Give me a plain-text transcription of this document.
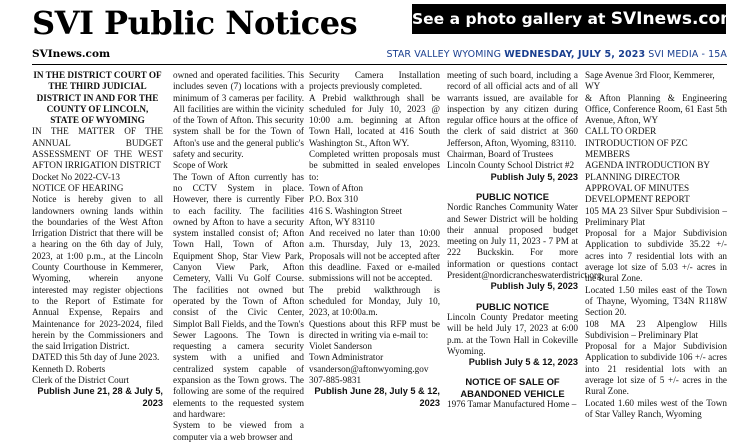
SVI Public Notices	See a photo gallery at SVInews.com
SVInews.com	STAR VALLEY WYOMING WEDNESDAY, JULY 5, 2023 SVI MEDIA - 15A

IN THE DISTRICT COURT OF THE THIRD JUDICIAL DISTRICT IN AND FOR THE COUNTY OF LINCOLN, STATE OF WYOMING

IN THE MATTER OF THE ANNUAL BUDGET ASSESSMENT OF THE WEST AFTON IRRIGATION DISTRICT

Docket No 2022-CV-13

NOTICE OF HEARING

Notice is hereby given to all landowners owning lands within the boundaries of the West Afton Irrigation District that there will be a hearing on the 6th day of July, 2023, at 1:00 p.m., at the Lincoln County Courthouse in Kemmerer, Wyoming, wherein anyone interested may register objections to the Report of Estimate for Annual Expense, Repairs and Maintenance for 2023-2024, filed herein by the Commissioners and the said Irrigation District.

DATED this 5th day of June 2023.

Kenneth D. Roberts

Clerk of the District Court

Publish June 21, 28 & July 5, 2023

owned and operated facilities. This includes seven (7) locations with a minimum of 3 cameras per facility. All facilities are within the vicinity of the Town of Afton. This security system shall be for the Town of Afton's use and the general public's safety and security.

Scope of Work

The Town of Afton currently has no CCTV System in place. However, there is currently Fiber to each facility. The facilities owned by Afton to have a security system installed consist of; Afton Town Hall, Town of Afton Equipment Shop, Star View Park, Canyon View Park, Afton Cemetery, Valli Vu Golf Course. The facilities not owned but operated by the Town of Afton consist of the Civic Center, Simplot Ball Fields, and the Town's Sewer Lagoons. The Town is requesting a camera security system with a unified and centralized system capable of expansion as the Town grows. The following are some of the required elements to the requested system and hardware:

System to be viewed from a computer via a web browser and

Security Camera Installation projects previously completed.

A Prebid walkthrough shall be scheduled for July 10, 2023 @ 10:00 a.m. beginning at Afton Town Hall, located at 416 South Washington St., Afton WY.

Completed written proposals must be submitted in sealed envelopes to:

Town of Afton

P.O. Box 310

416 S. Washington Street

Afton, WY 83110

And received no later than 10:00 a.m. Thursday, July 13, 2023. Proposals will not be accepted after this deadline. Faxed or e-mailed submissions will not be accepted.

The prebid walkthrough is scheduled for Monday, July 10, 2023, at 10:00a.m.

Questions about this RFP must be directed in writing via e-mail to:

Violet Sanderson

Town Administrator

vsanderson@aftonwyoming.gov

307-885-9831

Publish June 28, July 5 & 12, 2023

meeting of such board, including a record of all official acts and of all warrants issued, are available for inspection by any citizen during regular office hours at the office of the clerk of said district at 360 Jefferson, Afton, Wyoming, 83110.

Chairman, Board of Trustees

Lincoln County School District #2

Publish July 5, 2023

PUBLIC NOTICE

Nordic Ranches Community Water and Sewer District will be holding their annual proposed budget meeting on July 11, 2023 - 7 PM at 222 Buckskin. For more information or questions contact President@nordicrancheswaterdistrict.org.

Publish July 5, 2023

PUBLIC NOTICE

Lincoln County Predator meeting will be held July 17, 2023 at 6:00 p.m. at the Town Hall in Cokeville Wyoming.

Publish July 5 & 12, 2023

NOTICE OF SALE OF ABANDONED VEHICLE

1976 Tamar Manufactured Home –

Sage Avenue 3rd Floor, Kemmerer, WY

& Afton Planning & Engineering Office, Conference Room, 61 East 5th Avenue, Afton, WY

CALL TO ORDER

INTRODUCTION OF PZC MEMBERS

AGENDA INTRODUCTION BY PLANNING DIRECTOR

APPROVAL OF MINUTES

DEVELOPMENT REPORT

105 MA 23 Silver Spur Subdivision – Preliminary Plat

Proposal for a Major Subdivision Application to subdivide 35.22 +/- acres into 7 residential lots with an average lot size of 5.03 +/- acres in the Rural Zone.

Located 1.50 miles east of the Town of Thayne, Wyoming, T34N R118W Section 20.

108 MA 23 Alpenglow Hills Subdivision – Preliminary Plat

Proposal for a Major Subdivision Application to subdivide 106 +/- acres into 21 residential lots with an average lot size of 5 +/- acres in the Rural Zone.

Located 1.60 miles west of the Town of Star Valley Ranch, Wyoming
